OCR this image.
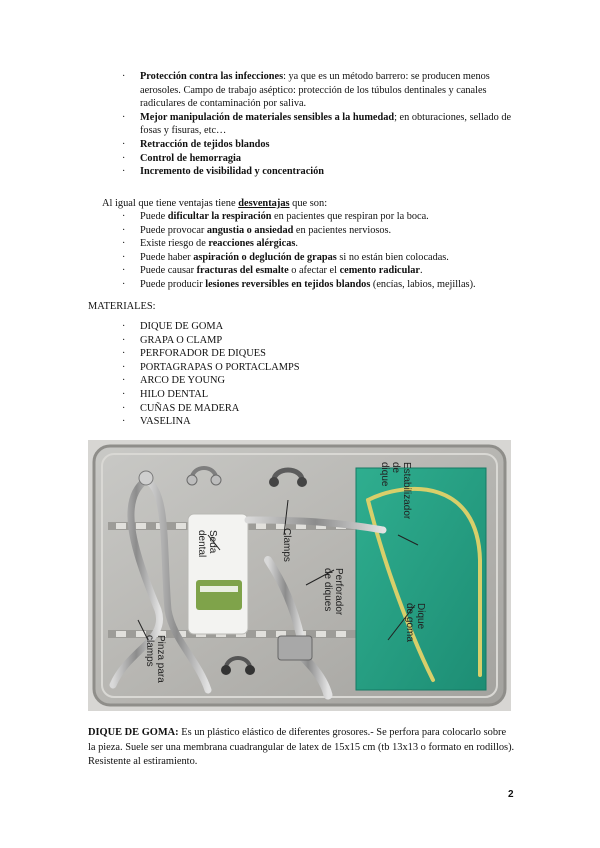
·	Protección contra las infecciones: ya que es un método barrero: se producen menos aerosoles. Campo de trabajo aséptico: protección de los túbulos dentinales y canales radiculares de contaminación por saliva.
·	Mejor manipulación de materiales sensibles a la humedad; en obturaciones, sellado de fosas y fisuras, etc…
·	Retracción de tejidos blandos
·	Control de hemorragia
·	Incremento de visibilidad y concentración
Al igual que tiene ventajas tiene desventajas que son:
·	Puede dificultar la respiración en pacientes que respiran por la boca.
·	Puede provocar angustia o ansiedad en pacientes nerviosos.
·	Existe riesgo de reacciones alérgicas.
·	Puede haber aspiración o deglución de grapas si no están bien colocadas.
·	Puede causar fracturas del esmalte o afectar el cemento radicular.
·	Puede producir lesiones reversibles en tejidos blandos (encías, labios, mejillas).
MATERIALES:
·	DIQUE DE GOMA
·	GRAPA O CLAMP
·	PERFORADOR DE DIQUES
·	PORTAGRAPAS O PORTACLAMPS
·	ARCO DE YOUNG
·	HILO DENTAL
·	CUÑAS DE MADERA
·	VASELINA
Estabilizador de dique
Seda dental	Clamps
Perforador de diques
Dique de goma
Pinza para clamps
DIQUE DE GOMA: Es un plástico elástico de diferentes grosores.- Se perfora para colocarlo sobre la pieza. Suele ser una membrana cuadrangular de latex de 15x15 cm (tb 13x13 o formato en rodillos). Resistente al estiramiento.
2
